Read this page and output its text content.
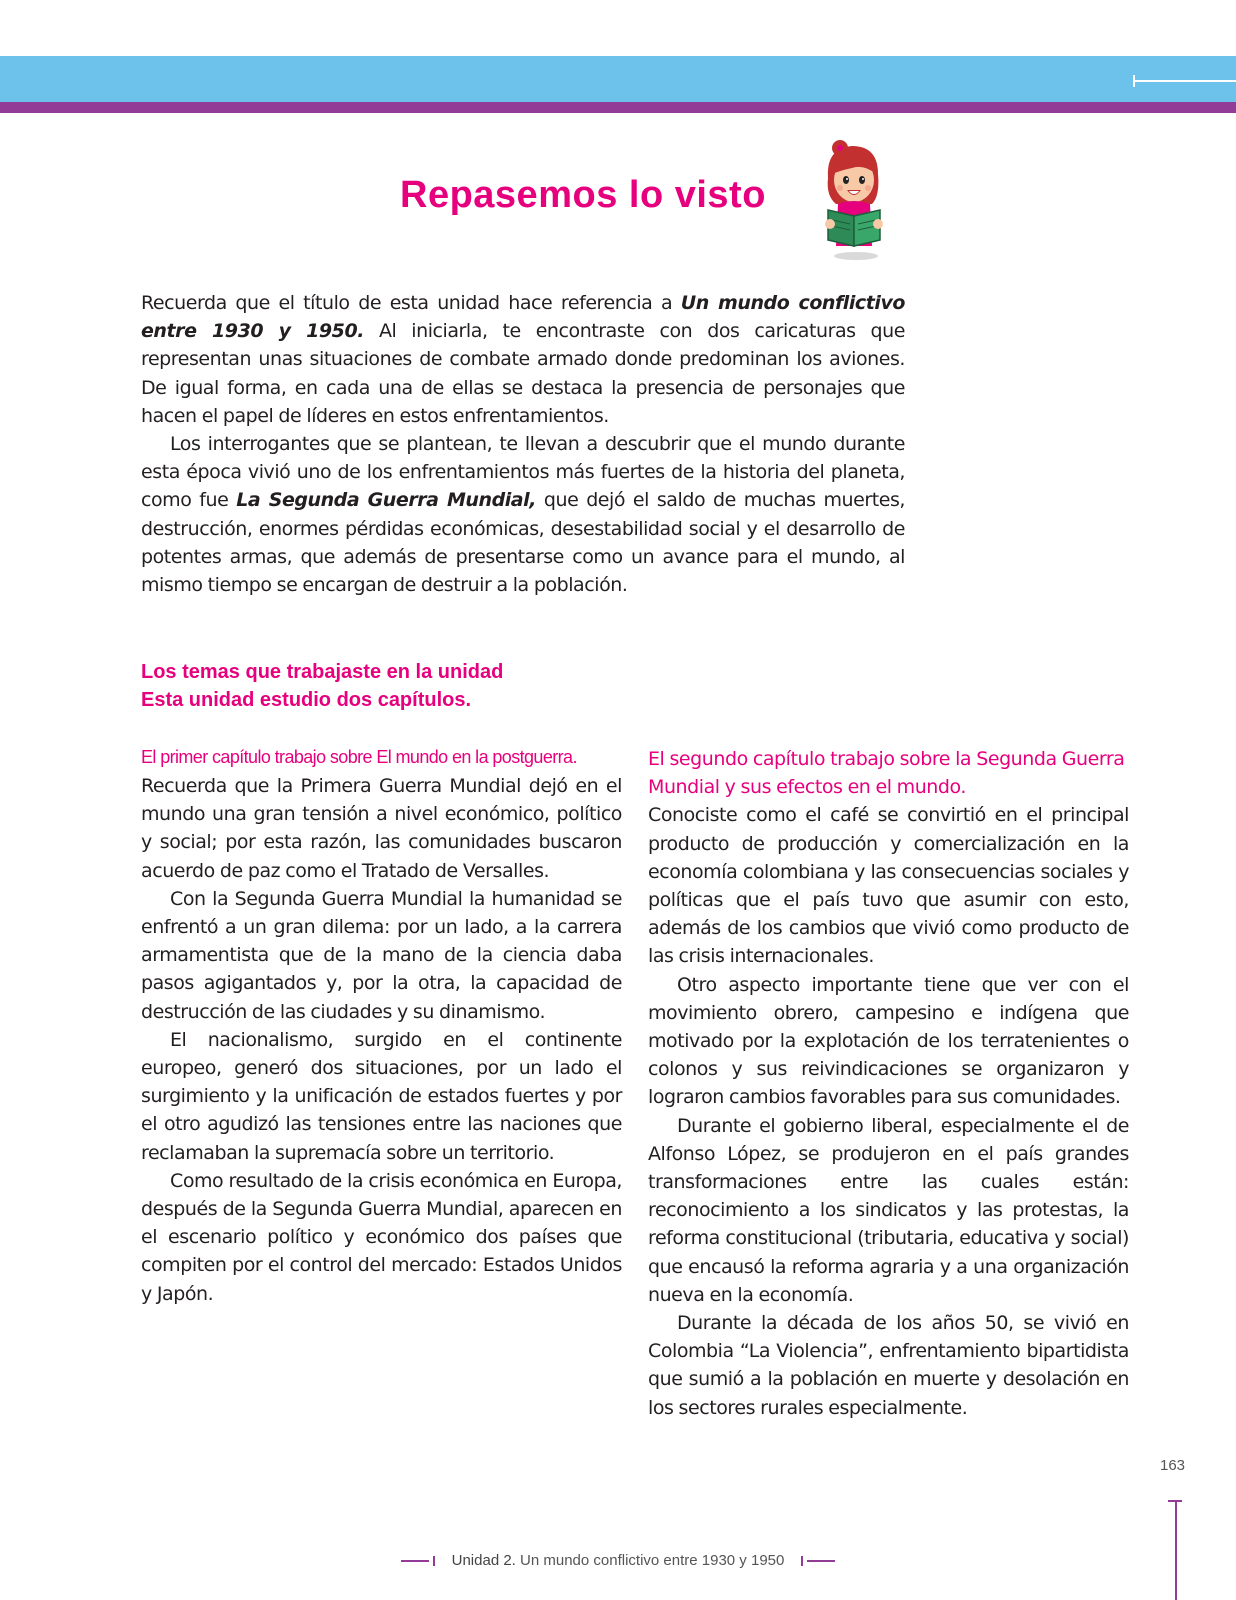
Repasemos lo visto

Recuerda que el título de esta unidad hace referencia a Un mundo conflictivo entre 1930 y 1950. Al iniciarla, te encontraste con dos caricaturas que representan unas situaciones de combate armado donde predominan los aviones. De igual forma, en cada una de ellas se destaca la presencia de personajes que hacen el papel de líderes en estos enfrentamientos.

Los interrogantes que se plantean, te llevan a descubrir que el mundo durante esta época vivió uno de los enfrentamientos más fuertes de la historia del planeta, como fue La Segunda Guerra Mundial, que dejó el saldo de muchas muertes, destrucción, enormes pérdidas económicas, desestabilidad social y el desarrollo de potentes armas, que además de presentarse como un avance para el mundo, al mismo tiempo se encargan de destruir a la población.

Los temas que trabajaste en la unidad
Esta unidad estudio dos capítulos.

El primer capítulo trabajo sobre El mundo en la postguerra.

Recuerda que la Primera Guerra Mundial dejó en el mundo una gran tensión a nivel económico, político y social; por esta razón, las comunidades buscaron acuerdo de paz como el Tratado de Versalles.

Con la Segunda Guerra Mundial la humanidad se enfrentó a un gran dilema: por un lado, a la carrera armamentista que de la mano de la ciencia daba pasos agigantados y, por la otra, la capacidad de destrucción de las ciudades y su dinamismo.

El nacionalismo, surgido en el continente europeo, generó dos situaciones, por un lado el surgimiento y la unificación de estados fuertes y por el otro agudizó las tensiones entre las naciones que reclamaban la supremacía sobre un territorio.

Como resultado de la crisis económica en Europa, después de la Segunda Guerra Mundial, aparecen en el escenario político y económico dos países que compiten por el control del mercado: Estados Unidos y Japón.

El segundo capítulo trabajo sobre la Segunda Guerra Mundial y sus efectos en el mundo.

Conociste como el café se convirtió en el principal producto de producción y comercialización en la economía colombiana y las consecuencias sociales y políticas que el país tuvo que asumir con esto, además de los cambios que vivió como producto de las crisis internacionales.

Otro aspecto importante tiene que ver con el movimiento obrero, campesino e indígena que motivado por la explotación de los terratenientes o colonos y sus reivindicaciones se organizaron y lograron cambios favorables para sus comunidades.

Durante el gobierno liberal, especialmente el de Alfonso López, se produjeron en el país grandes transformaciones entre las cuales están: reconocimiento a los sindicatos y las protestas, la reforma constitucional (tributaria, educativa y social) que encausó la reforma agraria y a una organización nueva en la economía.

Durante la década de los años 50, se vivió en Colombia “La Violencia”, enfrentamiento bipartidista que sumió a la población en muerte y desolación en los sectores rurales especialmente.

163

Unidad 2. Un mundo conflictivo entre 1930 y 1950
